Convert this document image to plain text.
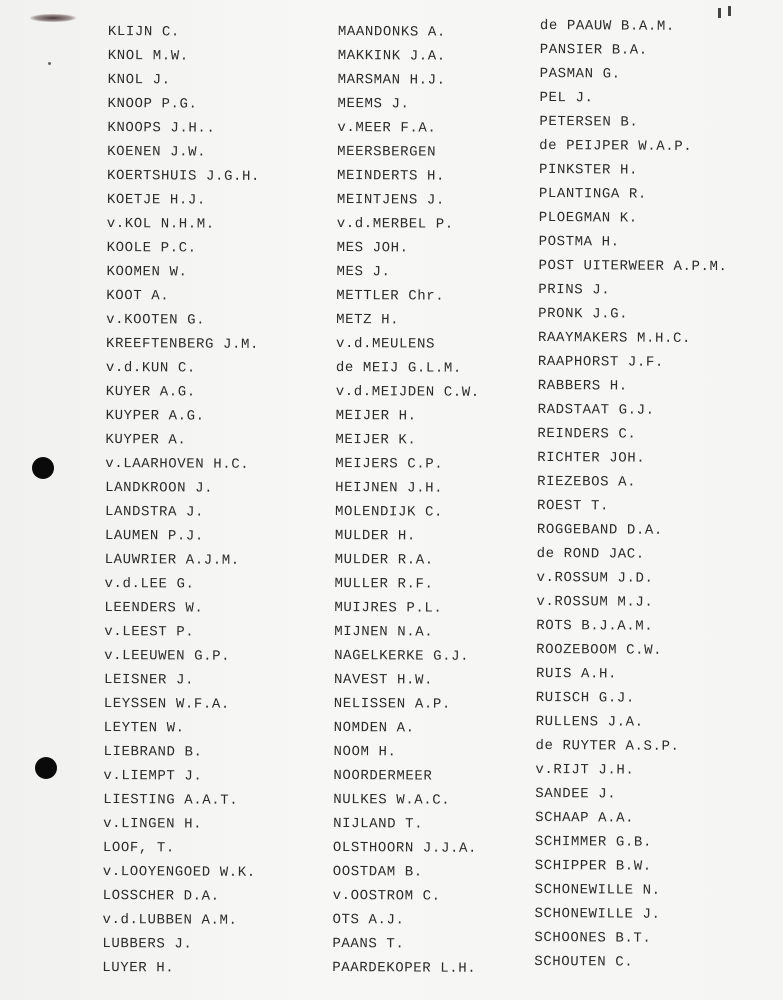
KLIJN C.
KNOL M.W.
KNOL J.
KNOOP P.G.
KNOOPS J.H..
KOENEN J.W.
KOERTSHUIS J.G.H.
KOETJE H.J.
v.KOL N.H.M.
KOOLE P.C.
KOOMEN W.
KOOT A.
v.KOOTEN G.
KREEFTENBERG J.M.
v.d.KUN C.
KUYER A.G.
KUYPER A.G.
KUYPER A.
v.LAARHOVEN H.C.
LANDKROON J.
LANDSTRA J.
LAUMEN P.J.
LAUWRIER A.J.M.
v.d.LEE G.
LEENDERS W.
v.LEEST P.
v.LEEUWEN G.P.
LEISNER J.
LEYSSEN W.F.A.
LEYTEN W.
LIEBRAND B.
v.LIEMPT J.
LIESTING A.A.T.
v.LINGEN H.
LOOF, T.
v.LOOYENGOED W.K.
LOSSCHER D.A.
v.d.LUBBEN A.M.
LUBBERS J.
LUYER H.
MAANDONKS A.
MAKKINK J.A.
MARSMAN H.J.
MEEMS J.
v.MEER F.A.
MEERSBERGEN
MEINDERTS H.
MEINTJENS J.
v.d.MERBEL P.
MES JOH.
MES J.
METTLER Chr.
METZ H.
v.d.MEULENS
de MEIJ G.L.M.
v.d.MEIJDEN C.W.
MEIJER H.
MEIJER K.
MEIJERS C.P.
HEIJNEN J.H.
MOLENDIJK C.
MULDER H.
MULDER R.A.
MULLER R.F.
MUIJRES P.L.
MIJNEN N.A.
NAGELKERKE G.J.
NAVEST H.W.
NELISSEN A.P.
NOMDEN A.
NOOM H.
NOORDERMEER
NULKES W.A.C.
NIJLAND T.
OLSTHOORN J.J.A.
OOSTDAM B.
v.OOSTROM C.
OTS A.J.
PAANS T.
PAARDEKOPER L.H.
de PAAUW B.A.M.
PANSIER B.A.
PASMAN G.
PEL J.
PETERSEN B.
de PEIJPER W.A.P.
PINKSTER H.
PLANTINGA R.
PLOEGMAN K.
POSTMA H.
POST UITERWEER A.P.M.
PRINS J.
PRONK J.G.
RAAYMAKERS M.H.C.
RAAPHORST J.F.
RABBERS H.
RADSTAAT G.J.
REINDERS C.
RICHTER JOH.
RIEZEBOS A.
ROEST T.
ROGGEBAND D.A.
de ROND JAC.
v.ROSSUM J.D.
v.ROSSUM M.J.
ROTS B.J.A.M.
ROOZEBOOM C.W.
RUIS A.H.
RUISCH G.J.
RULLENS J.A.
de RUYTER A.S.P.
v.RIJT J.H.
SANDEE J.
SCHAAP A.A.
SCHIMMER G.B.
SCHIPPER B.W.
SCHONEWILLE N.
SCHONEWILLE J.
SCHOONES B.T.
SCHOUTEN C.
